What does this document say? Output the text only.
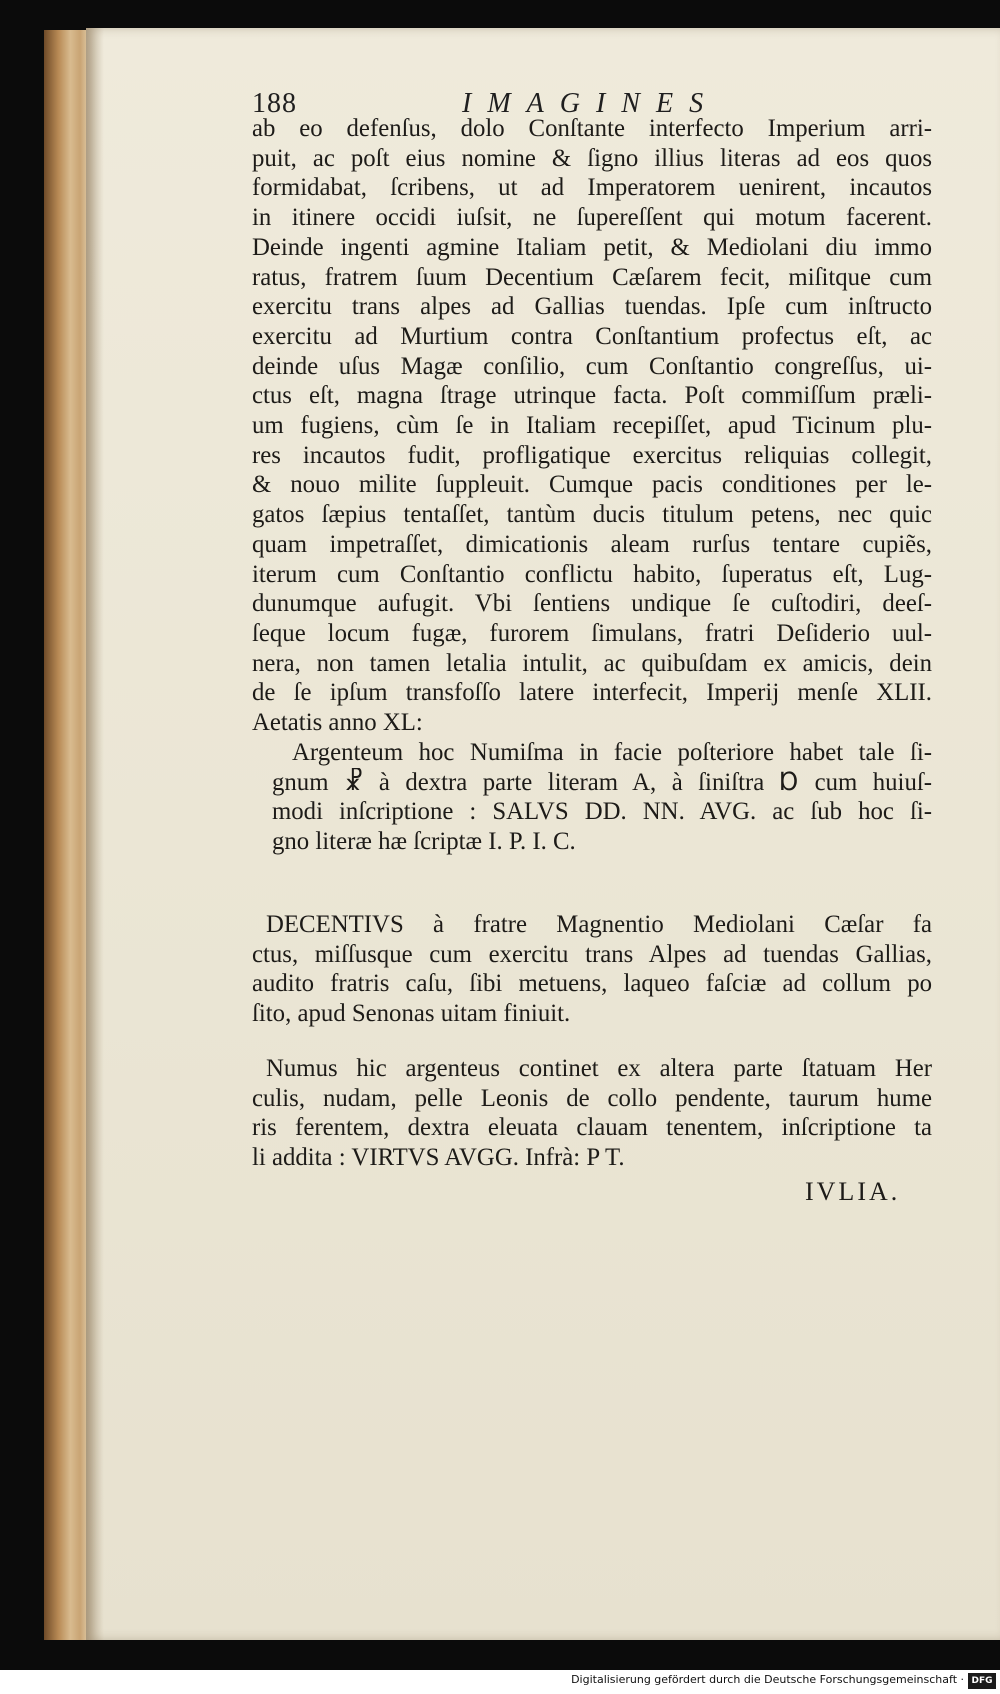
188	IMAGINES
ab eo defenſus, dolo Conſtante interfecto Imperium arri-
puit, ac poſt eius nomine & ſigno illius literas ad eos quos
formidabat, ſcribens, ut ad Imperatorem uenirent, incautos
in itinere occidi iuſsit, ne ſupereſſent qui motum facerent.
Deinde ingenti agmine Italiam petit, & Mediolani diu immo
ratus, fratrem ſuum Decentium Cæſarem fecit, miſitque cum
exercitu trans alpes ad Gallias tuendas. Ipſe cum inſtructo
exercitu ad Murtium contra Conſtantium profectus eſt, ac
deinde uſus Magæ conſilio, cum Conſtantio congreſſus, ui-
ctus eſt, magna ſtrage utrinque facta. Poſt commiſſum præli-
um fugiens, cùm ſe in Italiam recepiſſet, apud Ticinum plu-
res incautos fudit, profligatique exercitus reliquias collegit,
& nouo milite ſuppleuit. Cumque pacis conditiones per le-
gatos ſæpius tentaſſet, tantùm ducis titulum petens, nec quic
quam impetraſſet, dimicationis aleam rurſus tentare cupiẽs,
iterum cum Conſtantio conflictu habito, ſuperatus eſt, Lug-
dunumque aufugit. Vbi ſentiens undique ſe cuſtodiri, deeſ-
ſeque locum fugæ, furorem ſimulans, fratri Deſiderio uul-
nera, non tamen letalia intulit, ac quibuſdam ex amicis, dein
de ſe ipſum transfoſſo latere interfecit, Imperij menſe XLII.
Aetatis anno XL:
Argenteum hoc Numiſma in facie poſteriore habet tale ſi-
gnum ☧ à dextra parte literam A, à ſiniſtra Ɒ cum huiuſ-
modi inſcriptione : SALVS DD. NN. AVG. ac ſub hoc ſi-
gno literæ hæ ſcriptæ I. P. I. C.
DECENTIVS à fratre Magnentio Mediolani Cæſar fa
ctus, miſſusque cum exercitu trans Alpes ad tuendas Gallias,
audito fratris caſu, ſibi metuens, laqueo faſciæ ad collum po
ſito, apud Senonas uitam finiuit.
Numus hic argenteus continet ex altera parte ſtatuam Her
culis, nudam, pelle Leonis de collo pendente, taurum hume
ris ferentem, dextra eleuata clauam tenentem, inſcriptione ta
li addita : VIRTVS AVGG. Infrà: P T.
IVLIA.
Digitalisierung gefördert durch die Deutsche Forschungsgemeinschaft · DFG
